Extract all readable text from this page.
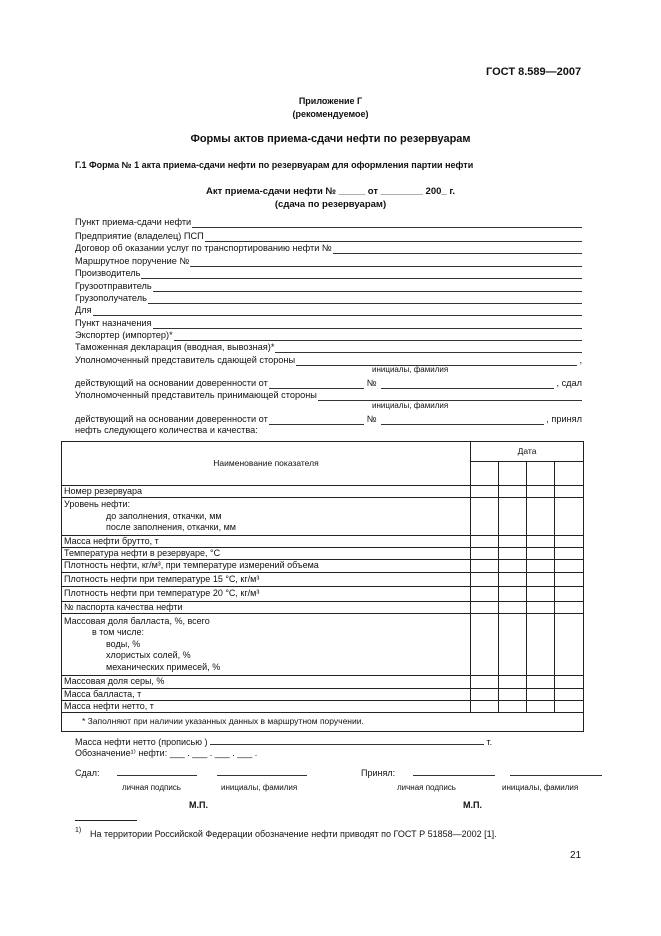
ГОСТ 8.589—2007
Приложение Г
(рекомендуемое)
Формы актов приема-сдачи нефти по резервуарам
Г.1 Форма № 1 акта приема-сдачи нефти по резервуарам для оформления партии нефти
Акт приема-сдачи нефти № _____ от ________ 200_ г.
(сдача по резервуарам)
Пункт приема-сдачи нефти
Предприятие (владелец) ПСП
Договор об оказании услуг по транспортированию нефти №
Маршрутное поручение №
Производитель
Грузоотправитель
Грузополучатель
Для
Пункт назначения
Экспортер (импортер)*
Таможенная декларация (вводная, вывозная)*
Уполномоченный представитель сдающей стороны	,
инициалы, фамилия
действующий на основании доверенности от	№	, сдал
Уполномоченный представитель принимающей стороны
инициалы, фамилия
действующий на основании доверенности от	№	, принял
нефть следующего количества и качества:
Наименование показателя	Дата			

Номер резервуара				

Уровень нефти:
до заполнения, откачки, мм
после заполнения, откачки, мм				

Масса нефти брутто, т				
Температура нефти в резервуаре, °С				
Плотность нефти, кг/м³, при температуре измерений объема				
Плотность нефти при температуре 15 °С, кг/м³				
Плотность нефти при температуре 20 °С, кг/м³				
№ паспорта качества нефти				

Массовая доля балласта, %, всего
в том числе:
воды, %
хлористых солей, %
механических примесей, %				

Массовая доля серы, %				
Масса балласта, т				
Масса нефти нетто, т				
* Заполняют при наличии указанных данных в маршрутном поручении.				
Масса нефти нетто (прописью )	т.
Обозначение¹⁾ нефти: ___ . ___ . ___ . ___ .
Сдал:	Принял:
личная подпись	инициалы, фамилия	личная подпись	инициалы, фамилия
М.П.	М.П.
1) На территории Российской Федерации обозначение нефти приводят по ГОСТ Р 51858—2002 [1].
21
